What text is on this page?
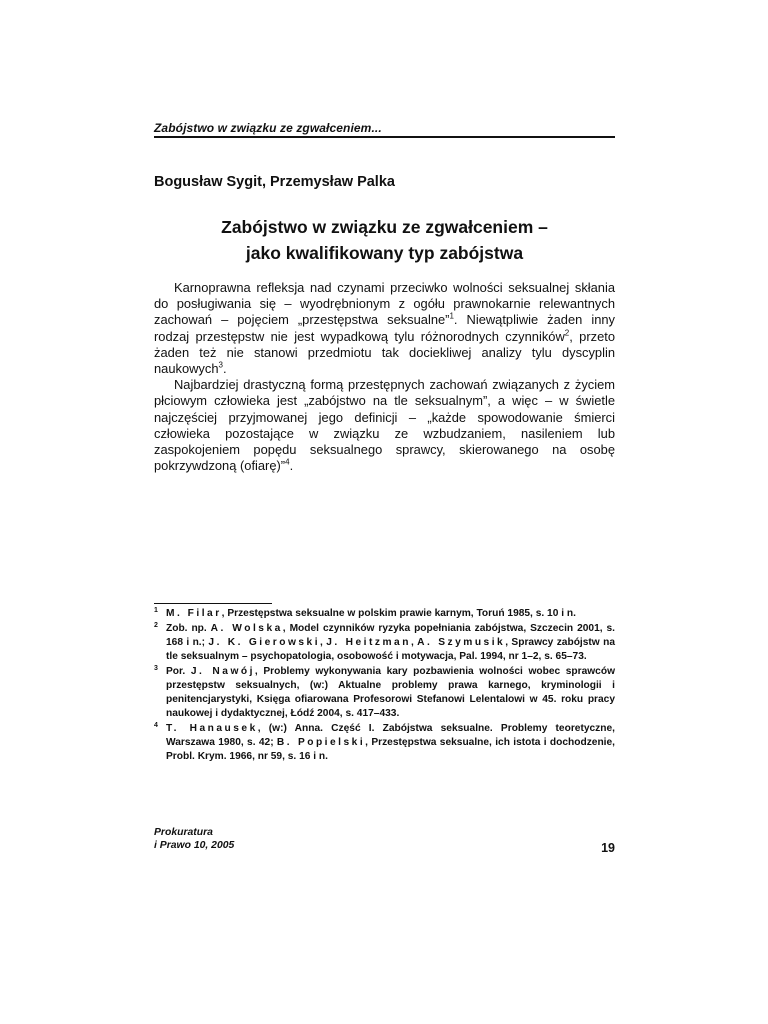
Zabójstwo w związku ze zgwałceniem...
Bogusław Sygit, Przemysław Palka
Zabójstwo w związku ze zgwałceniem –
jako kwalifikowany typ zabójstwa

Karnoprawna refleksja nad czynami przeciwko wolności seksualnej skłania do posługiwania się – wyodrębnionym z ogółu prawnokarnie relewantnych zachowań – pojęciem „przestępstwa seksualne”$^1$. Niewątpliwie żaden inny rodzaj przestępstw nie jest wypadkową tylu różnorodnych czynników$^2$, przeto żaden też nie stanowi przedmiotu tak dociekliwej analizy tylu dyscyplin naukowych$^3$.

Najbardziej drastyczną formą przestępnych zachowań związanych z życiem płciowym człowieka jest „zabójstwo na tle seksualnym”, a więc – w świetle najczęściej przyjmowanej jego definicji – „każde spowodowanie śmierci człowieka pozostające w związku ze wzbudzaniem, nasileniem lub zaspokojeniem popędu seksualnego sprawcy, skierowanego na osobę pokrzywdzoną (ofiarę)”$^4$.

1 M. Filar, Przestępstwa seksualne w polskim prawie karnym, Toruń 1985, s. 10 i n.
2 Zob. np. A. Wolska, Model czynników ryzyka popełniania zabójstwa, Szczecin 2001, s. 168 i n.; J. K. Gierowski, J. Heitzman, A. Szymusik, Sprawcy zabójstw na tle seksualnym – psychopatologia, osobowość i motywacja, Pal. 1994, nr 1–2, s. 65–73.
3 Por. J. Nawój, Problemy wykonywania kary pozbawienia wolności wobec sprawców przestępstw seksualnych, (w:) Aktualne problemy prawa karnego, kryminologii i penitencjarystyki, Księga ofiarowana Profesorowi Stefanowi Lelentalowi w 45. roku pracy naukowej i dydaktycznej, Łódź 2004, s. 417–433.
4 T. Hanausek, (w:) Anna. Część I. Zabójstwa seksualne. Problemy teoretyczne, Warszawa 1980, s. 42; B. Popielski, Przestępstwa seksualne, ich istota i dochodzenie, Probl. Krym. 1966, nr 59, s. 16 i n.
Prokuratura
i Prawo 10, 2005	19
